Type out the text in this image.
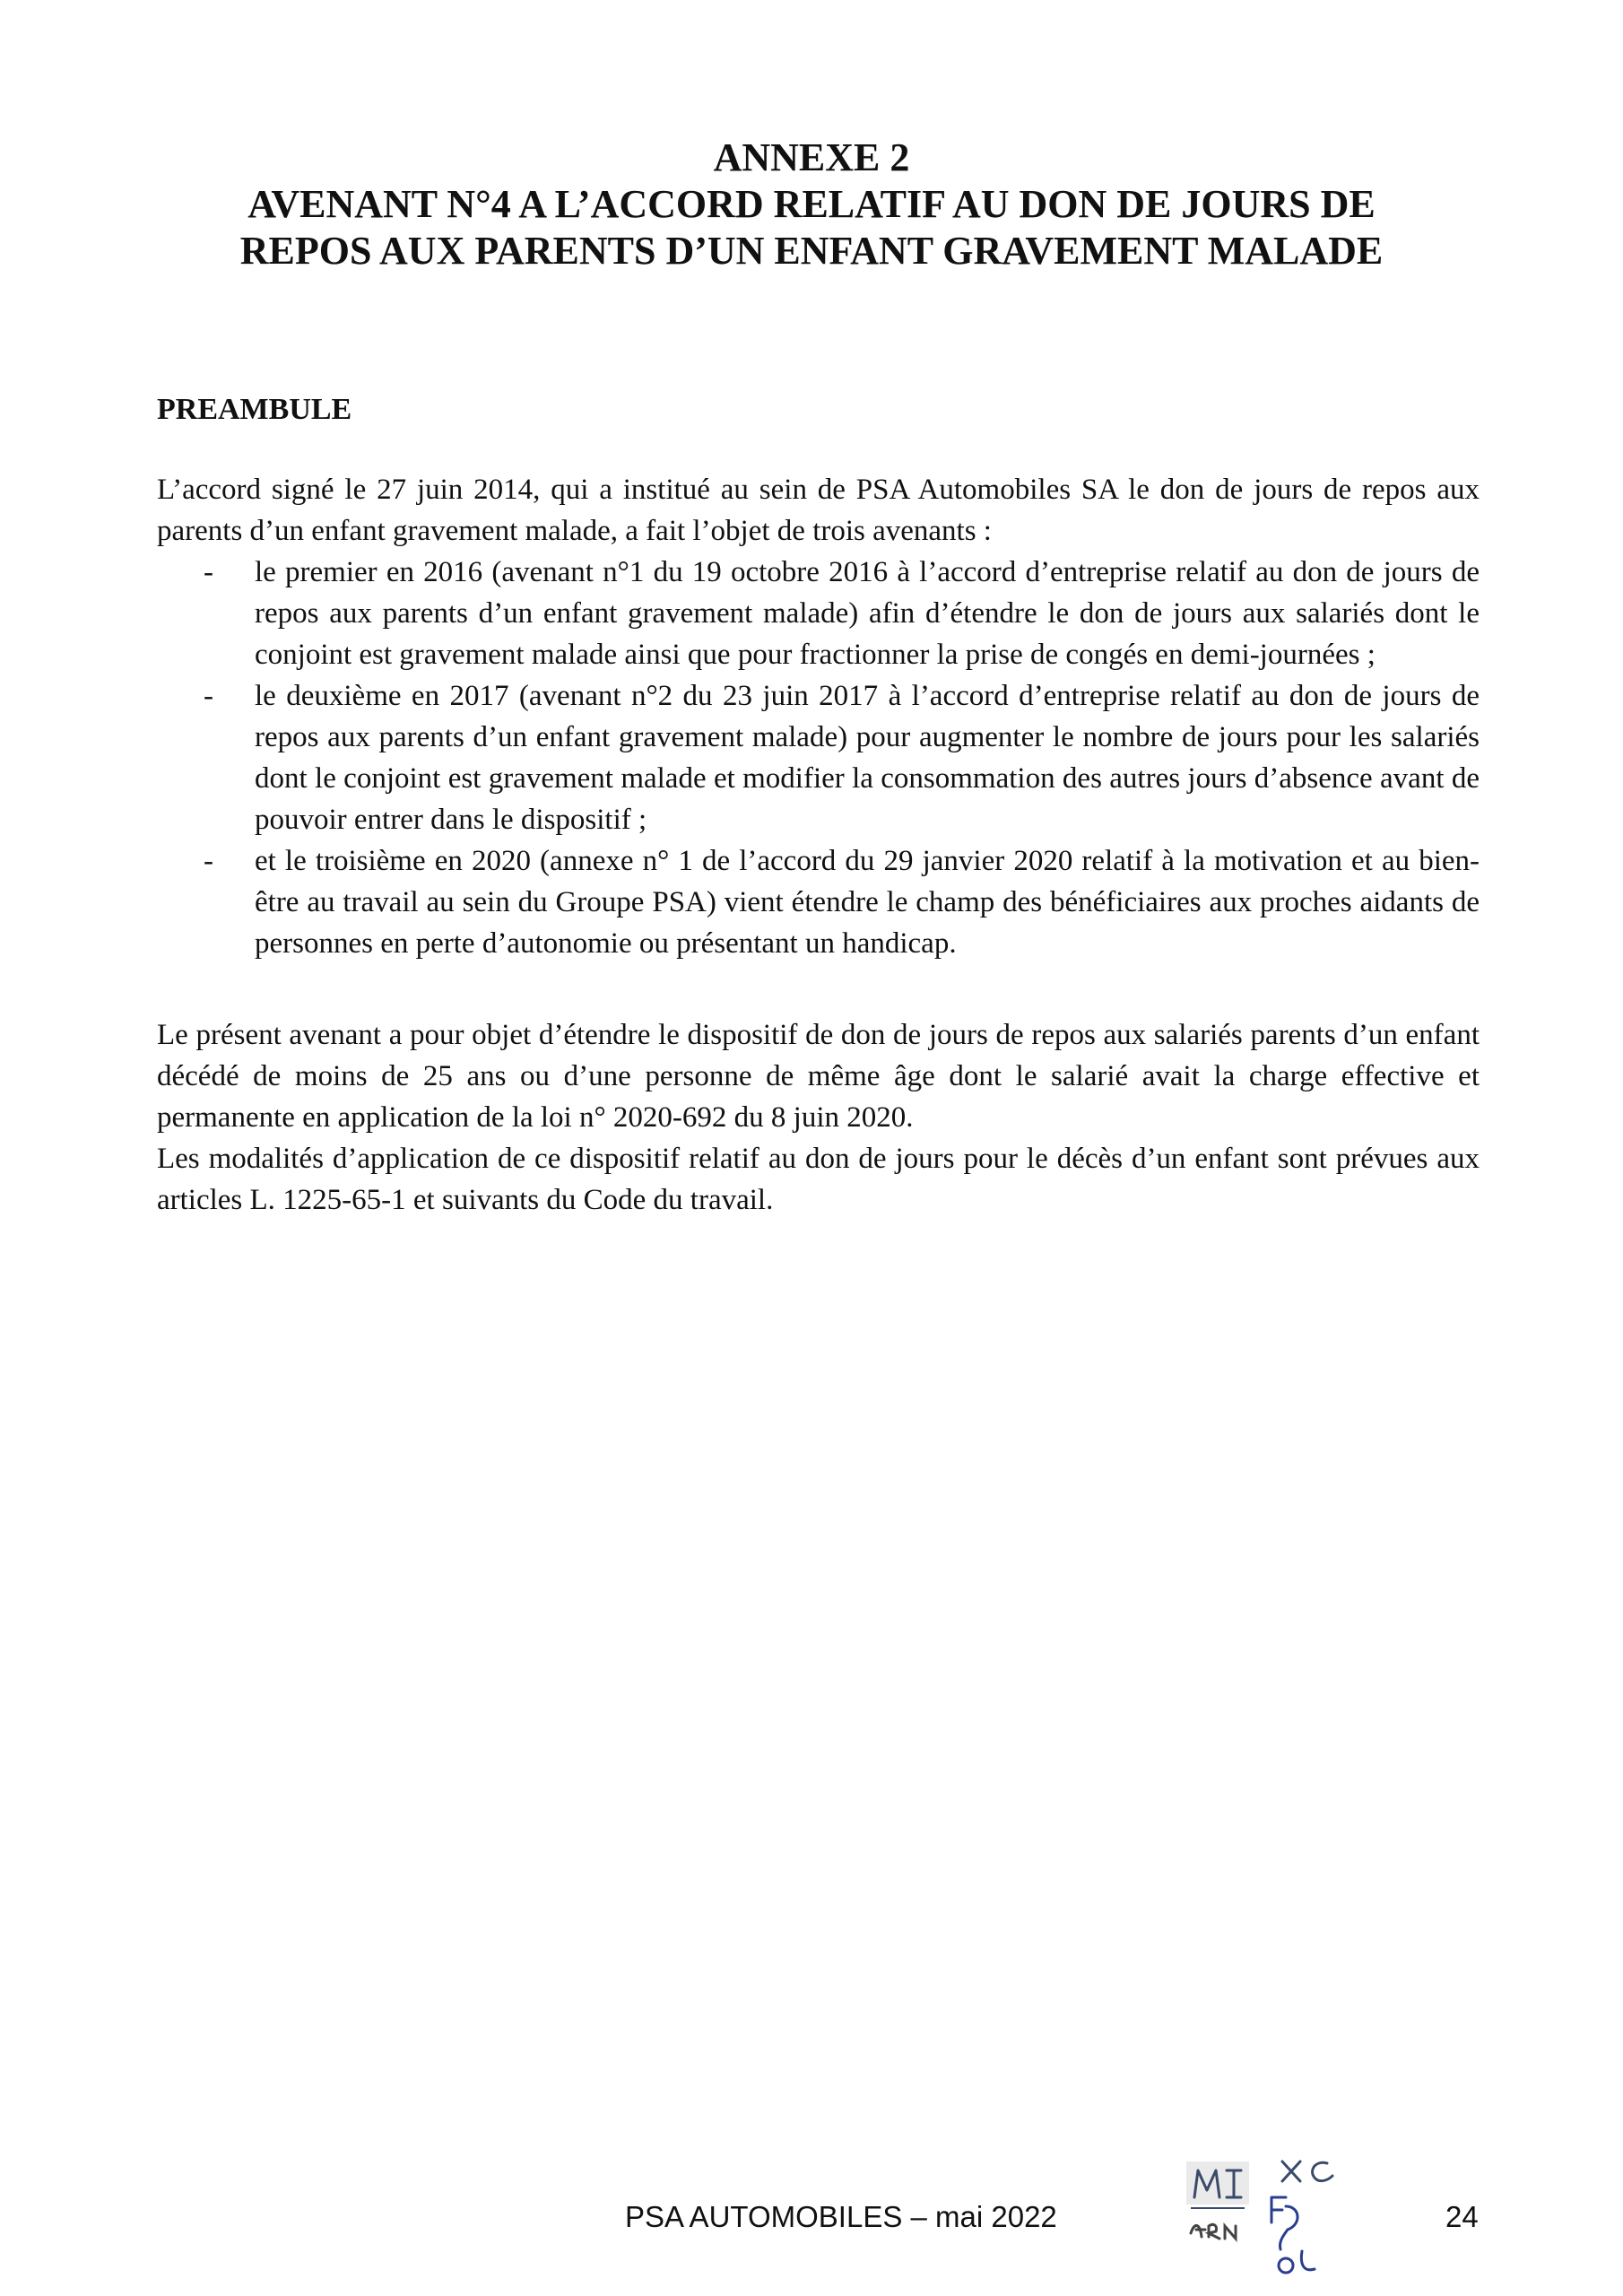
ANNEXE 2
AVENANT N°4 A L’ACCORD RELATIF AU DON DE JOURS DE
REPOS AUX PARENTS D’UN ENFANT GRAVEMENT MALADE
PREAMBULE

L’accord signé le 27 juin 2014, qui a institué au sein de PSA Automobiles SA le don de jours de repos aux parents d’un enfant gravement malade, a fait l’objet de trois avenants :

- le premier en 2016 (avenant n°1 du 19 octobre 2016 à l’accord d’entreprise relatif au don de jours de repos aux parents d’un enfant gravement malade) afin d’étendre le don de jours aux salariés dont le conjoint est gravement malade ainsi que pour fractionner la prise de congés en demi-journées ;
- le deuxième en 2017 (avenant n°2 du 23 juin 2017 à l’accord d’entreprise relatif au don de jours de repos aux parents d’un enfant gravement malade) pour augmenter le nombre de jours pour les salariés dont le conjoint est gravement malade et modifier la consommation des autres jours d’absence avant de pouvoir entrer dans le dispositif ;
- et le troisième en 2020 (annexe n° 1 de l’accord du 29 janvier 2020 relatif à la motivation et au bien-être au travail au sein du Groupe PSA) vient étendre le champ des bénéficiaires aux proches aidants de personnes en perte d’autonomie ou présentant un handicap.

Le présent avenant a pour objet d’étendre le dispositif de don de jours de repos aux salariés parents d’un enfant décédé de moins de 25 ans ou d’une personne de même âge dont le salarié avait la charge effective et permanente en application de la loi n° 2020-692 du 8 juin 2020.

Les modalités d’application de ce dispositif relatif au don de jours pour le décès d’un enfant sont prévues aux articles L. 1225-65-1 et suivants du Code du travail.

PSA AUTOMOBILES – mai 2022	24
